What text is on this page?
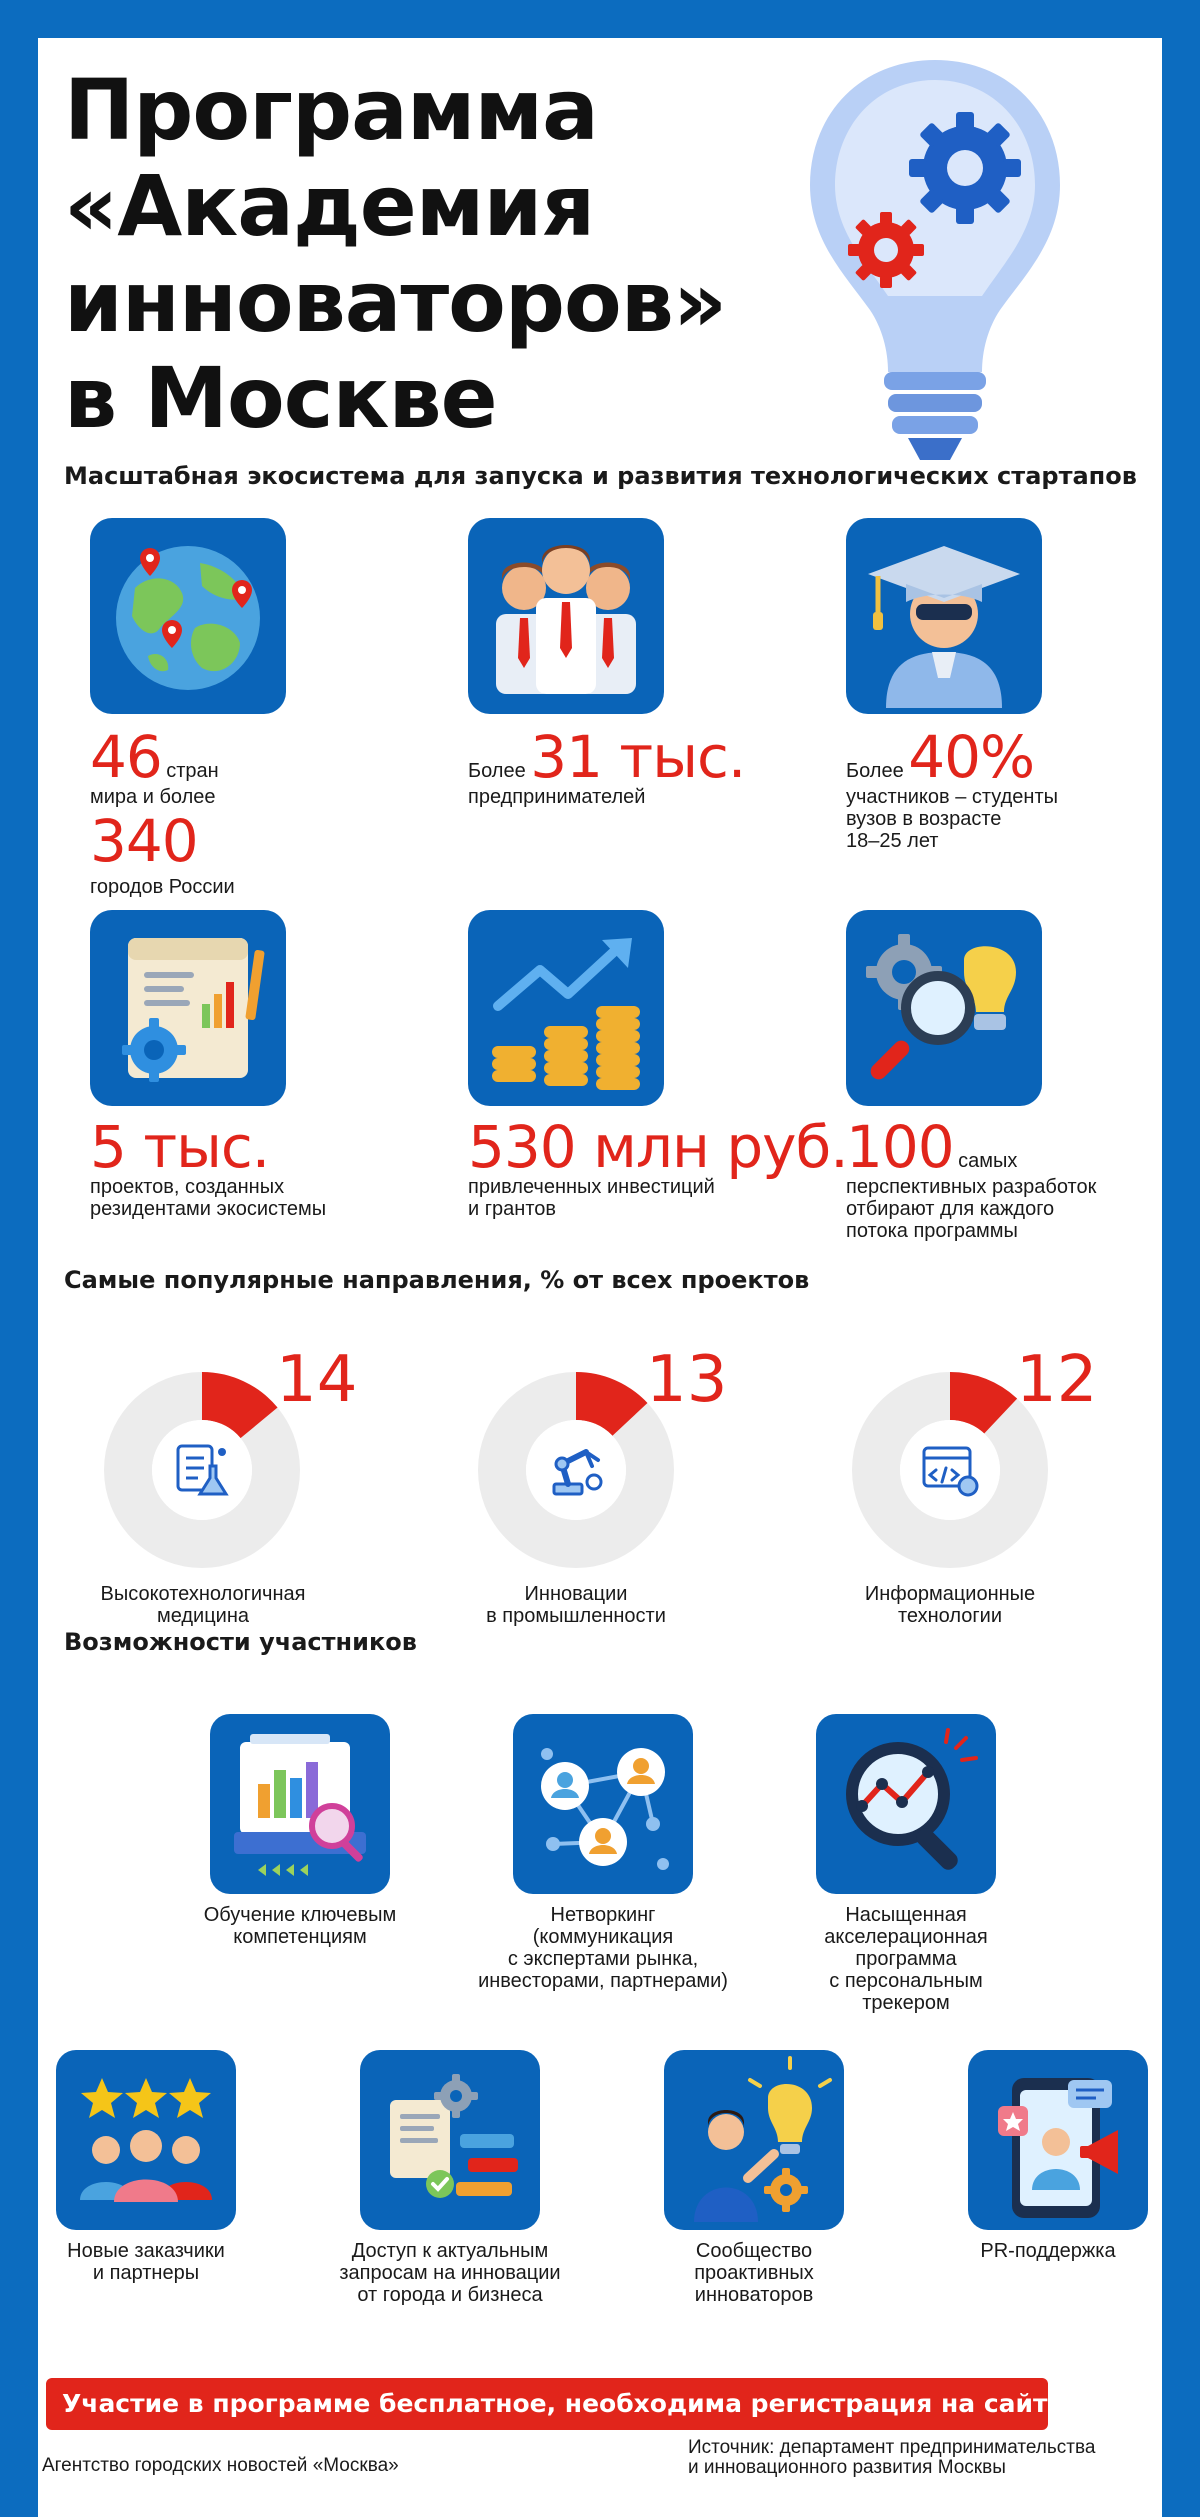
Программа
«Академия
инноваторов»
в Москве
Масштабная экосистема для запуска и развития технологических стартапов
46 стран
мира и более
340
городов России
Более 31 тыс.
предпринимателей
Более 40%
участников – студенты
вузов в возрасте
18–25 лет
5 тыс.
проектов, созданных
резидентами экосистемы
530 млн руб.
привлеченных инвестиций
и грантов
100 самых
перспективных разработок
отбирают для каждого
потока программы
Самые популярные направления, % от всех проектов
14
Высокотехнологичная
медицина
13
Инновации
в промышленности
12
Информационные
технологии
Возможности участников
Обучение ключевым
компетенциям
Нетворкинг
(коммуникация
с экспертами рынка,
инвесторами, партнерами)
Насыщенная
акселерационная
программа
с персональным
трекером
Новые заказчики
и партнеры
Доступ к актуальным
запросам на инновации
от города и бизнеса
Сообщество
проактивных
инноваторов
PR-поддержка
Участие в программе бесплатное, необходима регистрация на сайте
Агентство городских новостей «Москва»
Источник: департамент предпринимательства
и инновационного развития Москвы
